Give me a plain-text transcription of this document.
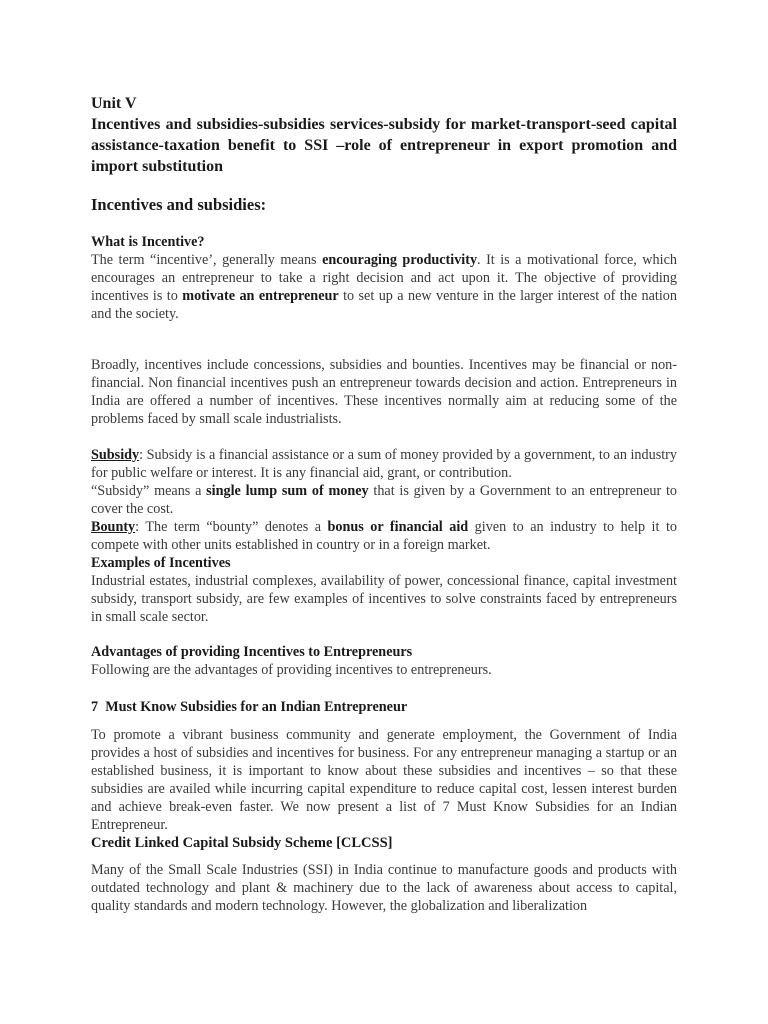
Unit V

Incentives and subsidies-subsidies services-subsidy for market-transport-seed capital assistance-taxation benefit to SSI –role of entrepreneur in export promotion and import substitution

Incentives and subsidies:

What is Incentive?

The term “incentive’, generally means encouraging productivity. It is a motivational force, which encourages an entrepreneur to take a right decision and act upon it. The objective of providing incentives is to motivate an entrepreneur to set up a new venture in the larger interest of the nation and the society.

Broadly, incentives include concessions, subsidies and bounties. Incentives may be financial or non-financial. Non financial incentives push an entrepreneur towards decision and action. Entrepreneurs in India are offered a number of incentives. These incentives normally aim at reducing some of the problems faced by small scale industrialists.

Subsidy: Subsidy is a financial assistance or a sum of money provided by a government, to an industry for public welfare or interest. It is any financial aid, grant, or contribution.

“Subsidy” means a single lump sum of money that is given by a Government to an entrepreneur to cover the cost.

Bounty: The term “bounty” denotes a bonus or financial aid given to an industry to help it to compete with other units established in country or in a foreign market.

Examples of Incentives

Industrial estates, industrial complexes, availability of power, concessional finance, capital investment subsidy, transport subsidy, are few examples of incentives to solve constraints faced by entrepreneurs in small scale sector.

Advantages of providing Incentives to Entrepreneurs

Following are the advantages of providing incentives to entrepreneurs.

7  Must Know Subsidies for an Indian Entrepreneur

To promote a vibrant business community and generate employment, the Government of India provides a host of subsidies and incentives for business. For any entrepreneur managing a startup or an established business, it is important to know about these subsidies and incentives – so that these subsidies are availed while incurring capital expenditure to reduce capital cost, lessen interest burden and achieve break-even faster. We now present a list of 7 Must Know Subsidies for an Indian Entrepreneur.

Credit Linked Capital Subsidy Scheme [CLCSS]

Many of the Small Scale Industries (SSI) in India continue to manufacture goods and products with outdated technology and plant & machinery due to the lack of awareness about access to capital, quality standards and modern technology. However, the globalization and liberalization
